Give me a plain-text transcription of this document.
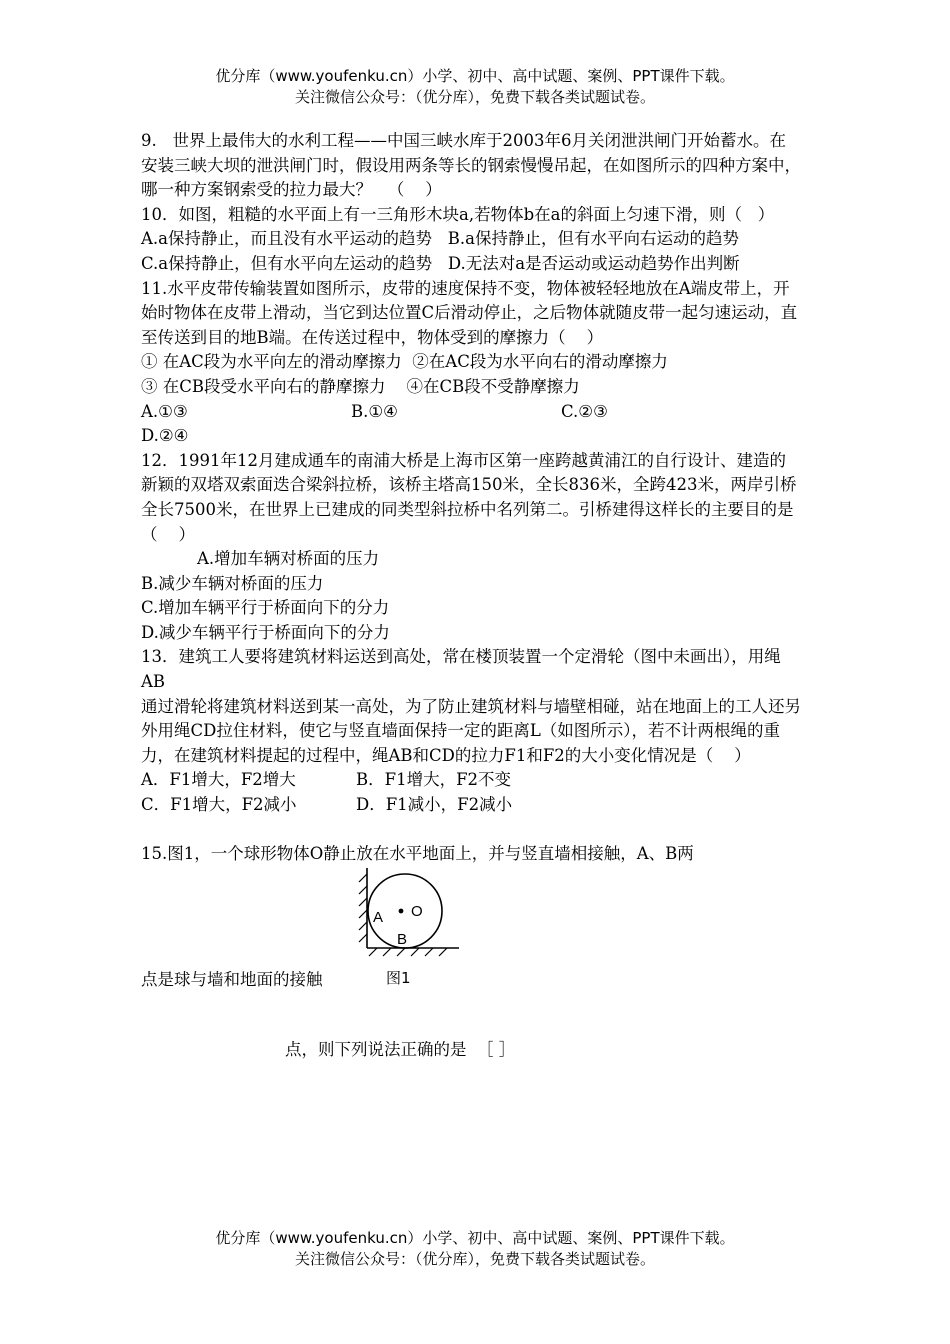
优分库（www.youfenku.cn）小学、初中、高中试题、案例、PPT课件下载。
关注微信公众号：（优分库），免费下载各类试题试卷。

9.   世界上最伟大的水利工程——中国三峡水库于2003年6月关闭泄洪闸门开始蓄水。在安装三峡大坝的泄洪闸门时，假设用两条等长的钢索慢慢吊起，在如图所示的四种方案中，哪一种方案钢索受的拉力最大？   （    ）

10．如图，粗糙的水平面上有一三角形木块a,若物体b在a的斜面上匀速下滑，则（   ）

A.a保持静止，而且没有水平运动的趋势   B.a保持静止，但有水平向右运动的趋势

C.a保持静止，但有水平向左运动的趋势   D.无法对a是否运动或运动趋势作出判断

11.水平皮带传输装置如图所示，皮带的速度保持不变，物体被轻轻地放在A端皮带上，开始时物体在皮带上滑动，当它到达位置C后滑动停止，之后物体就随皮带一起匀速运动，直至传送到目的地B端。在传送过程中，物体受到的摩擦力（    ）

① 在AC段为水平向左的滑动摩擦力  ②在AC段为水平向右的滑动摩擦力

③ 在CB段受水平向右的静摩擦力    ④在CB段不受静摩擦力

A.①③	B.①④	C.②③

D.②④

12．1991年12月建成通车的南浦大桥是上海市区第一座跨越黄浦江的自行设计、建造的新颖的双塔双索面迭合梁斜拉桥，该桥主塔高150米，全长836米，全跨423米，两岸引桥全长7500米，在世界上已建成的同类型斜拉桥中名列第二。引桥建得这样长的主要目的是（    ）

A.增加车辆对桥面的压力

B.减少车辆对桥面的压力

C.增加车辆平行于桥面向下的分力

D.减少车辆平行于桥面向下的分力

13．建筑工人要将建筑材料运送到高处，常在楼顶装置一个定滑轮（图中未画出），用绳AB

通过滑轮将建筑材料送到某一高处，为了防止建筑材料与墙壁相碰，站在地面上的工人还另外用绳CD拉住材料，使它与竖直墙面保持一定的距离L（如图所示），若不计两根绳的重力，在建筑材料提起的过程中，绳AB和CD的拉力F1和F2的大小变化情况是（    ）

A．F1增大，F2增大	B．F1增大，F2不变
C．F1增大，F2减小	D．F1减小，F2减小

15.图1，一个球形物体O静止放在水平地面上，并与竖直墙相接触，A、B两

点是球与墙和地面的接触
A O
B
图1
点，则下列说法正确的是  ［ ］
优分库（www.youfenku.cn）小学、初中、高中试题、案例、PPT课件下载。
关注微信公众号：（优分库），免费下载各类试题试卷。
